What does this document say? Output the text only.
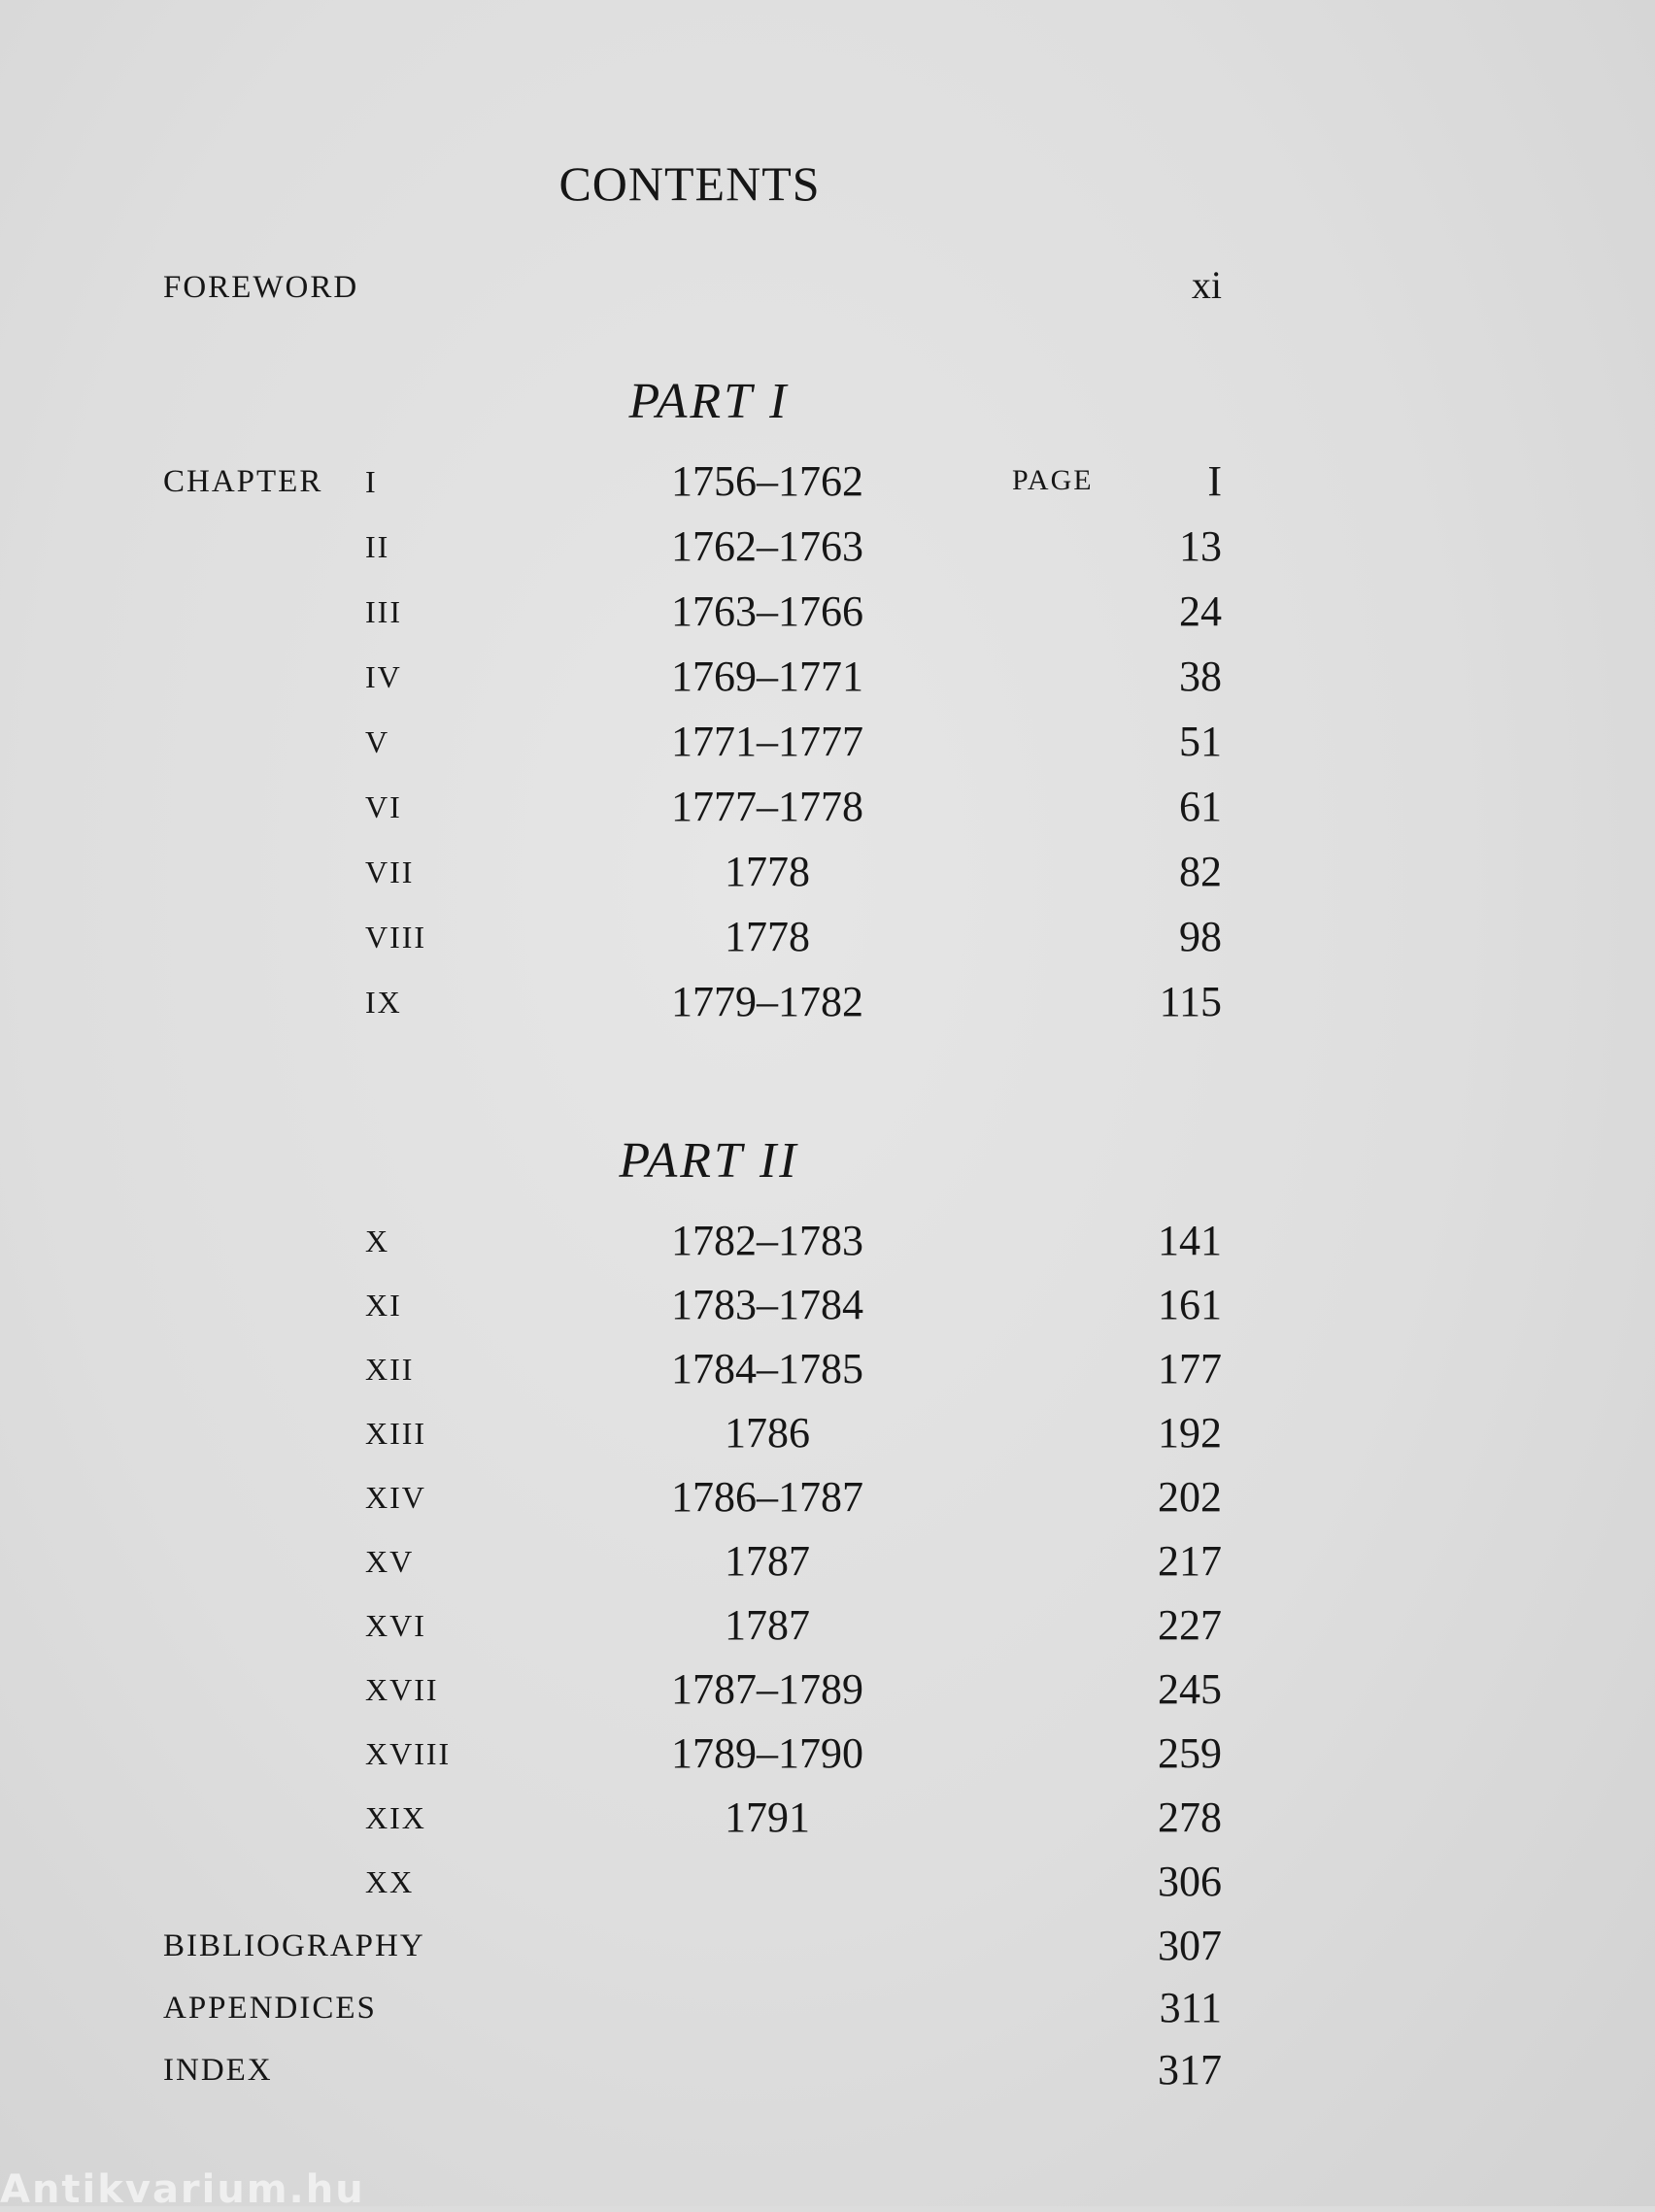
CONTENTS
FOREWORD	xi
PART I
CHAPTER I	1756–1762	PAGE	I
II	1762–1763	13
III	1763–1766	24
IV	1769–1771	38
V	1771–1777	51
VI	1777–1778	61
VII	1778	82
VIII	1778	98
IX	1779–1782	115
PART II
X	1782–1783	141
XI	1783–1784	161
XII	1784–1785	177
XIII	1786	192
XIV	1786–1787	202
XV	1787	217
XVI	1787	227
XVII	1787–1789	245
XVIII	1789–1790	259
XIX	1791	278
XX	306
BIBLIOGRAPHY	307
APPENDICES	311
INDEX	317
Antikvarium.hu
